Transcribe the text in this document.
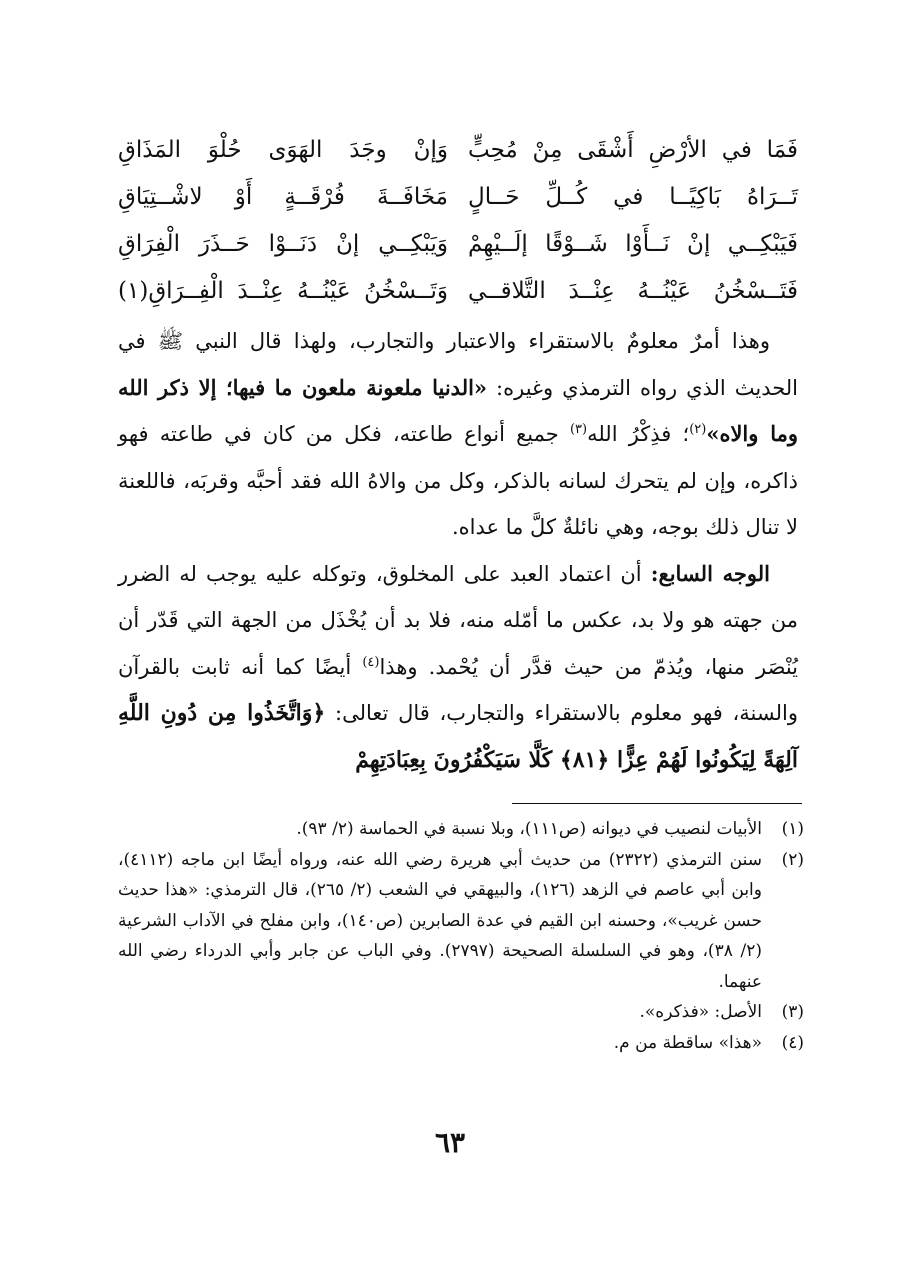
فَمَا في الأرْضِ أَشْقَى مِنْ مُحِبٍّ
وَإنْ وجَدَ الهَوَى حُلْوَ المَذَاقِ
تَــرَاهُ بَاكِيًــا في كُــلِّ حَــالٍ
مَخَافَــةَ فُرْقَــةٍ أَوْ لاشْــتِيَاقِ
فَيَبْكِــي إنْ نَــأَوْا شَــوْقًا إلَــيْهِمْ
وَيَبْكِــي إنْ دَنَــوْا حَــذَرَ الْفِرَاقِ
فَتَــسْخُنُ عَيْنُــهُ عِنْــدَ التَّلاقــي
وَتَــسْخُنُ عَيْنُــهُ عِنْــدَ الْفِــرَاقِ(١)

وهذا أمرٌ معلومٌ بالاستقراء والاعتبار والتجارب، ولهذا قال النبي ﷺ في الحديث الذي رواه الترمذي وغيره: «الدنيا ملعونة ملعون ما فيها؛ إلا ذكر الله وما والاه»$^{(٢)}$؛ فذِكْرُ الله$^{(٣)}$ جميع أنواع طاعته، فكل من كان في طاعته فهو ذاكره، وإن لم يتحرك لسانه بالذكر، وكل من والاهُ الله فقد أحبَّه وقربَه، فاللعنة لا تنال ذلك بوجه، وهي نائلةٌ كلَّ ما عداه.

الوجه السابع: أن اعتماد العبد على المخلوق، وتوكله عليه يوجب له الضرر من جهته هو ولا بد، عكس ما أمّله منه، فلا بد أن يُخْذَل من الجهة التي قَدّر أن يُنْصَر منها، ويُذمّ من حيث قدَّر أن يُحْمد. وهذا$^{(٤)}$ أيضًا كما أنه ثابت بالقرآن والسنة، فهو معلوم بالاستقراء والتجارب، قال تعالى: ﴿وَاتَّخَذُوا مِن دُونِ اللَّهِ آلِهَةً لِيَكُونُوا لَهُمْ عِزًّا ﴿٨١﴾ كَلَّا سَيَكْفُرُونَ بِعِبَادَتِهِمْ

(١)
الأبيات لنصيب في ديوانه (ص١١١)، وبلا نسبة في الحماسة (٢/ ٩٣).
(٢)
سنن الترمذي (٢٣٢٢) من حديث أبي هريرة رضي الله عنه، ورواه أيضًا ابن ماجه (٤١١٢)، وابن أبي عاصم في الزهد (١٢٦)، والبيهقي في الشعب (٢/ ٢٦٥)، قال الترمذي: «هذا حديث حسن غريب»، وحسنه ابن القيم في عدة الصابرين (ص١٤٠)، وابن مفلح في الآداب الشرعية (٢/ ٣٨)، وهو في السلسلة الصحيحة (٢٧٩٧). وفي الباب عن جابر وأبي الدرداء رضي الله عنهما.
(٣)
الأصل: «فذكره».
(٤)
«هذا» ساقطة من م.
٦٣
